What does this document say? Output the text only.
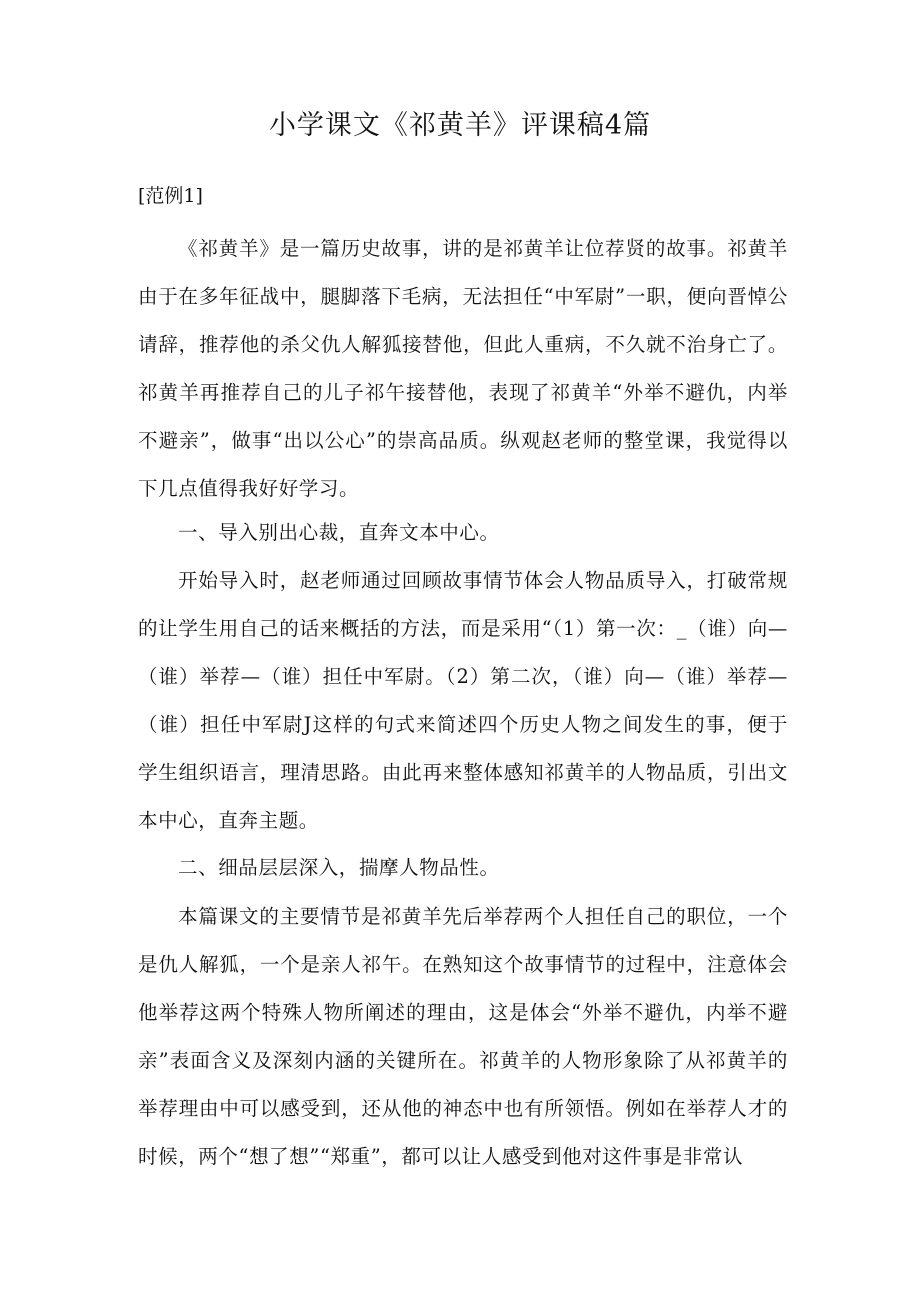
小学课文《祁黄羊》评课稿4篇

[范例1]

《祁黄羊》是一篇历史故事，讲的是祁黄羊让位荐贤的故事。祁黄羊由于在多年征战中，腿脚落下毛病，无法担任“中军尉”一职，便向晋悼公请辞，推荐他的杀父仇人解狐接替他，但此人重病，不久就不治身亡了。祁黄羊再推荐自己的儿子祁午接替他，表现了祁黄羊“外举不避仇，内举不避亲”，做事“出以公心”的崇高品质。纵观赵老师的整堂课，我觉得以下几点值得我好好学习。

一、导入别出心裁，直奔文本中心。

开始导入时，赵老师通过回顾故事情节体会人物品质导入，打破常规的让学生用自己的话来概括的方法，而是采用“（1）第一次：_（谁）向—（谁）举荐—（谁）担任中军尉。（2）第二次，（谁）向—（谁）举荐—（谁）担任中军尉J这样的句式来简述四个历史人物之间发生的事，便于学生组织语言，理清思路。由此再来整体感知祁黄羊的人物品质，引出文本中心，直奔主题。

二、细品层层深入，揣摩人物品性。

本篇课文的主要情节是祁黄羊先后举荐两个人担任自己的职位，一个是仇人解狐，一个是亲人祁午。在熟知这个故事情节的过程中，注意体会他举荐这两个特殊人物所阐述的理由，这是体会“外举不避仇，内举不避亲”表面含义及深刻内涵的关键所在。祁黄羊的人物形象除了从祁黄羊的举荐理由中可以感受到，还从他的神态中也有所领悟。例如在举荐人才的时候，两个“想了想”“郑重”，都可以让人感受到他对这件事是非常认
